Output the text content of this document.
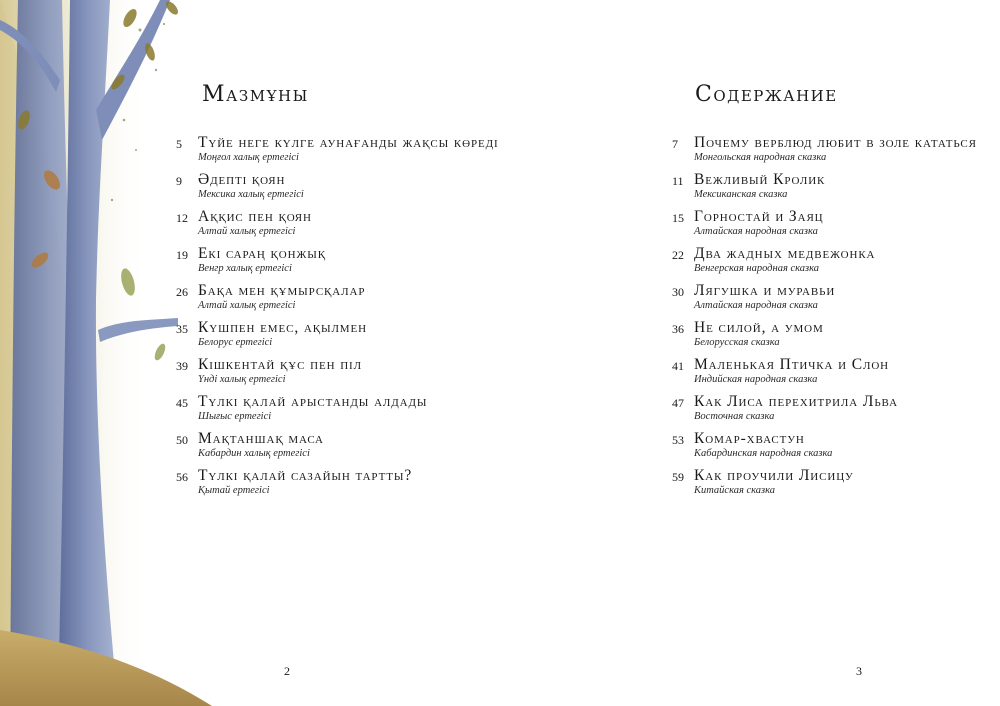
Мазмұны
5	Түйе неге күлге аунағанды жақсы көреді
Моңғол халық ертегісі
9	Әдепті қоян
Мексика халық ертегісі
12 Аққис пен қоян
Алтай халық ертегісі
19 Екі сараң қонжық
Венгр халық ертегісі
26 Бақа мен құмырсқалар
Алтай халық ертегісі
35 Күшпен емес, ақылмен
Белорус ертегісі
39 Кішкентай құс пен піл
Үнді халық ертегісі
45 Түлкі қалай арыстанды алдады
Шығыс ертегісі
50 Мақтаншақ маса
Кабардин халық ертегісі
56 Түлкі қалай сазайын тартты?
Қытай ертегісі
2
Содержание
7	Почему верблюд любит в золе кататься
Монгольская народная сказка
11 Вежливый Кролик
Мексиканская сказка
15 Горностай и Заяц
Алтайская народная сказка
22 Два жадных медвежонка
Венгерская народная сказка
30 Лягушка и муравьи
Алтайская народная сказка
36 Не силой, а умом
Белорусская сказка
41 Маленькая Птичка и Слон
Индийская народная сказка
47 Как Лиса перехитрила Льва
Восточная сказка
53 Комар-хвастун
Кабардинская народная сказка
59 Как проучили Лисицу
Китайская сказка
3
